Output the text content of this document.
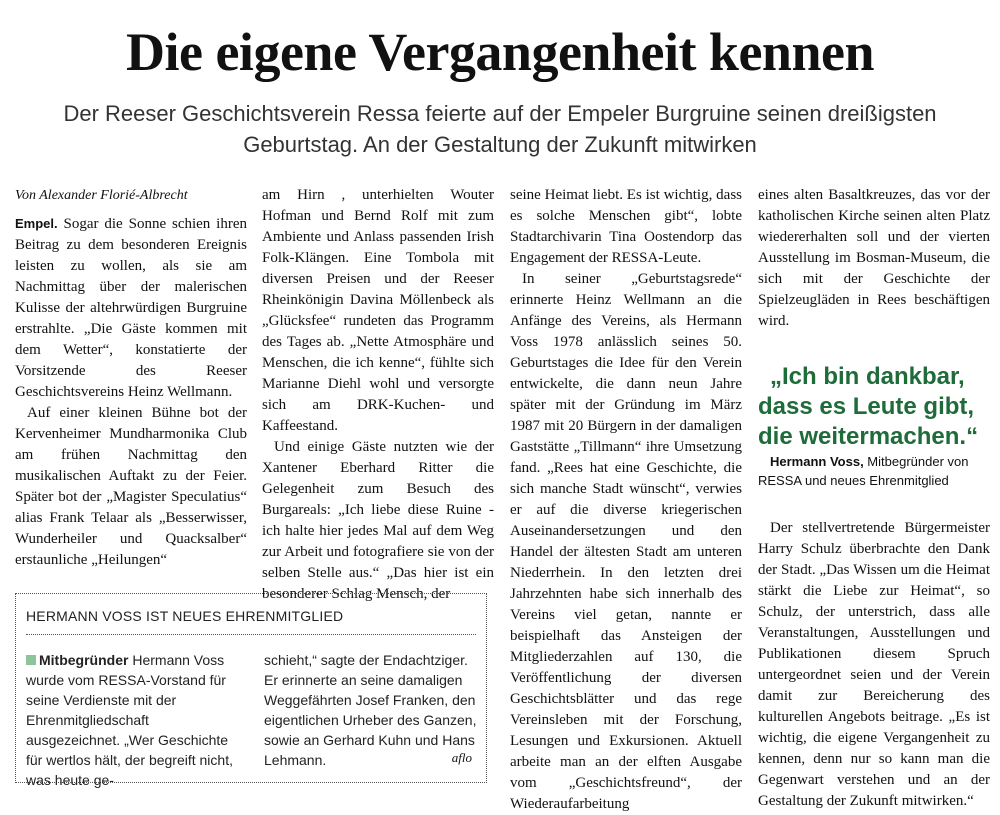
Die eigene Vergangenheit kennen

Der Reeser Geschichtsverein Ressa feierte auf der Empeler Burgruine seinen dreißigsten Geburtstag. An der Gestaltung der Zukunft mitwirken

Von Alexander Florié-Albrecht

Empel. Sogar die Sonne schien ihren Beitrag zu dem besonderen Ereignis leisten zu wollen, als sie am Nachmittag über der malerischen Kulisse der altehrwürdigen Burgruine erstrahlte. „Die Gäste kommen mit dem Wetter“, konstatierte der Vorsitzende des Reeser Geschichtsvereins Heinz Wellmann.

Auf einer kleinen Bühne bot der Kervenheimer Mundharmonika Club am frühen Nachmittag den musikalischen Auftakt zu der Feier. Später bot der „Magister Speculatius“ alias Frank Telaar als „Besserwisser, Wunderheiler und Quacksalber“ erstaunliche „Heilungen“

am Hirn , unterhielten Wouter Hofman und Bernd Rolf mit zum Ambiente und Anlass passenden Irish Folk-Klängen. Eine Tombola mit diversen Preisen und der Reeser Rheinkönigin Davina Möllenbeck als „Glücksfee“ rundeten das Programm des Tages ab. „Nette Atmosphäre und Menschen, die ich kenne“, fühlte sich Marianne Diehl wohl und versorgte sich am DRK-Kuchen- und Kaffeestand.

Und einige Gäste nutzten wie der Xantener Eberhard Ritter die Gelegenheit zum Besuch des Burgareals: „Ich liebe diese Ruine - ich halte hier jedes Mal auf dem Weg zur Arbeit und fotografiere sie von der selben Stelle aus.“ „Das hier ist ein besonderer Schlag Mensch, der

seine Heimat liebt. Es ist wichtig, dass es solche Menschen gibt“, lobte Stadtarchivarin Tina Oostendorp das Engagement der RESSA-Leute.

In seiner „Geburtstagsrede“ erinnerte Heinz Wellmann an die Anfänge des Vereins, als Hermann Voss 1978 anlässlich seines 50. Geburtstages die Idee für den Verein entwickelte, die dann neun Jahre später mit der Gründung im März 1987 mit 20 Bürgern in der damaligen Gaststätte „Tillmann“ ihre Umsetzung fand. „Rees hat eine Geschichte, die sich manche Stadt wünscht“, verwies er auf die diverse kriegerischen Auseinandersetzungen und den Handel der ältesten Stadt am unteren Niederrhein. In den letzten drei Jahrzehnten habe sich innerhalb des Vereins viel getan, nannte er beispielhaft das Ansteigen der Mitgliederzahlen auf 130, die Veröffentlichung der diversen Geschichtsblätter und das rege Vereinsleben mit der Forschung, Lesungen und Exkursionen. Aktuell arbeite man an der elften Ausgabe vom „Geschichtsfreund“, der Wiederaufarbeitung

eines alten Basaltkreuzes, das vor der katholischen Kirche seinen alten Platz wiedererhalten soll und der vierten Ausstellung im Bosman-Museum, die sich mit der Geschichte der Spielzeugläden in Rees beschäftigen wird.

„Ich bin dankbar, dass es Leute gibt, die weitermachen.“

Hermann Voss, Mitbegründer von RESSA und neues Ehrenmitglied

Der stellvertretende Bürgermeister Harry Schulz überbrachte den Dank der Stadt. „Das Wissen um die Heimat stärkt die Liebe zur Heimat“, so Schulz, der unterstrich, dass alle Veranstaltungen, Ausstellungen und Publikationen diesem Spruch untergeordnet seien und der Verein damit zur Bereicherung des kulturellen Angebots beitrage. „Es ist wichtig, die eigene Vergangenheit zu kennen, denn nur so kann man die Gegenwart verstehen und an der Gestaltung der Zukunft mitwirken.“

HERMANN VOSS IST NEUES EHRENMITGLIED

Mitbegründer Hermann Voss wurde vom RESSA-Vorstand für seine Verdienste mit der Ehrenmitgliedschaft ausgezeichnet. „Wer Geschichte für wertlos hält, der begreift nicht, was heute ge-
schieht,“ sagte der Endachtziger. Er erinnerte an seine damaligen Weggefährten Josef Franken, den eigentlichen Urheber des Ganzen, sowie an Gerhard Kuhn und Hans Lehmann.	aflo
